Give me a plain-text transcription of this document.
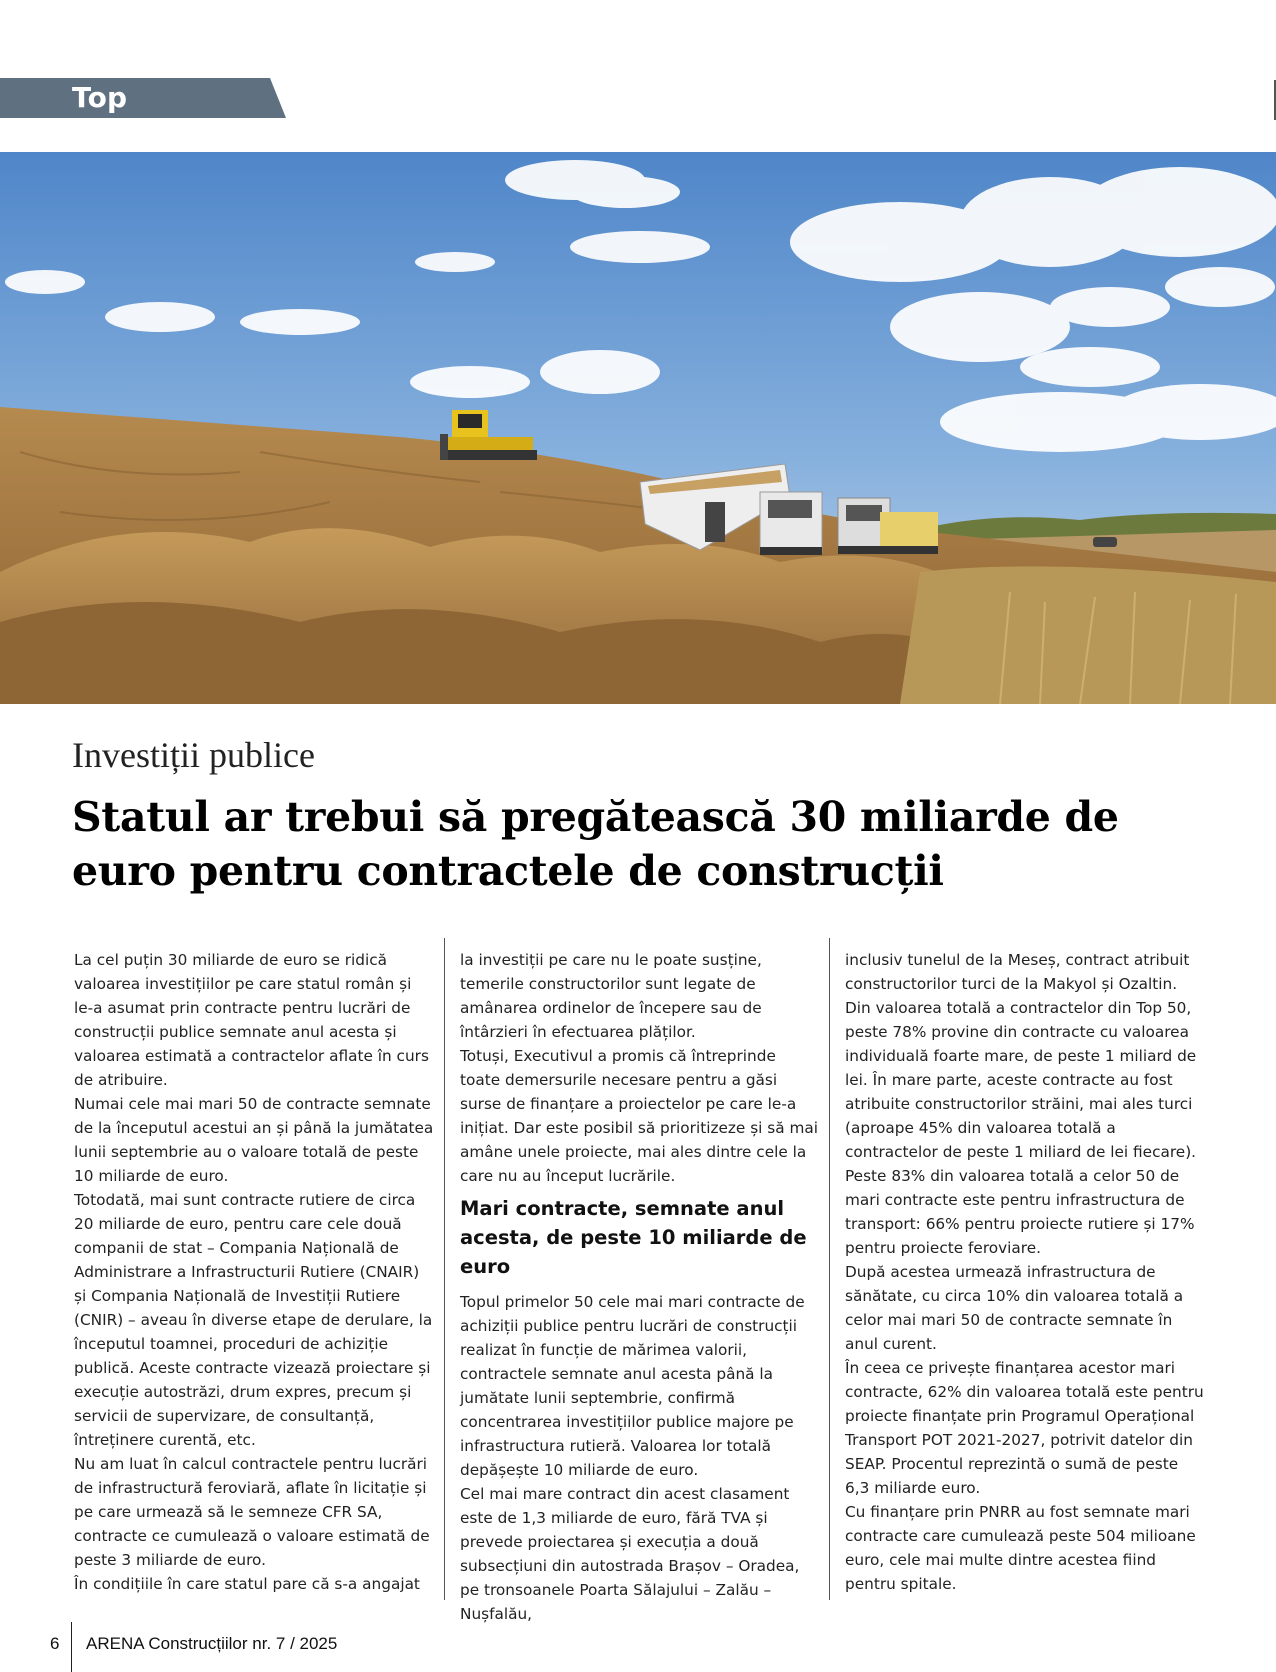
Top Contracte
Investiții publice
Statul ar trebui să pregătească 30 miliarde de euro pentru contractele de construcții

La cel puțin 30 miliarde de euro se ridică valoarea investițiilor pe care statul român și le-a asumat prin contracte pentru lucrări de construcții publice semnate anul acesta și valoarea estimată a contractelor aflate în curs de atribuire.

Numai cele mai mari 50 de contracte semnate de la începutul acestui an și până la jumătatea lunii septembrie au o valoare totală de peste 10 miliarde de euro.

Totodată, mai sunt contracte rutiere de circa 20 miliarde de euro, pentru care cele două companii de stat – Compania Națională de Administrare a Infrastructurii Rutiere (CNAIR) și Compania Națională de Investiții Rutiere (CNIR) – aveau în diverse etape de derulare, la începutul toamnei, proceduri de achiziție publică. Aceste contracte vizează proiectare și execuție autostrăzi, drum expres, precum și servicii de supervizare, de consultanță, întreținere curentă, etc.

Nu am luat în calcul contractele pentru lucrări de infrastructură feroviară, aflate în licitație și pe care urmează să le semneze CFR SA, contracte ce cumulează o valoare estimată de peste 3 miliarde de euro.

În condițiile în care statul pare că s-a angajat

la investiții pe care nu le poate susține, temerile constructorilor sunt legate de amânarea ordinelor de începere sau de întârzieri în efectuarea plăților.

Totuși, Executivul a promis că întreprinde toate demersurile necesare pentru a găsi surse de finanțare a proiectelor pe care le-a inițiat. Dar este posibil să prioritizeze și să mai amâne unele proiecte, mai ales dintre cele la care nu au început lucrările.

Mari contracte, semnate anul acesta, de peste 10 miliarde de euro

Topul primelor 50 cele mai mari contracte de achiziții publice pentru lucrări de construcții realizat în funcție de mărimea valorii, contractele semnate anul acesta până la jumătate lunii septembrie, confirmă concentrarea investițiilor publice majore pe infrastructura rutieră. Valoarea lor totală depășește 10 miliarde de euro.

Cel mai mare contract din acest clasament este de 1,3 miliarde de euro, fără TVA și prevede proiectarea și execuția a două subsecțiuni din autostrada Brașov – Oradea, pe tronsoanele Poarta Sălajului – Zalău – Nușfalău,

inclusiv tunelul de la Meseș, contract atribuit constructorilor turci de la Makyol și Ozaltin.

Din valoarea totală a contractelor din Top 50, peste 78% provine din contracte cu valoarea individuală foarte mare, de peste 1 miliard de lei. În mare parte, aceste contracte au fost atribuite constructorilor străini, mai ales turci (aproape 45% din valoarea totală a contractelor de peste 1 miliard de lei fiecare).

Peste 83% din valoarea totală a celor 50 de mari contracte este pentru infrastructura de transport: 66% pentru proiecte rutiere și 17% pentru proiecte feroviare.

După acestea urmează infrastructura de sănătate, cu circa 10% din valoarea totală a celor mai mari 50 de contracte semnate în anul curent.

În ceea ce privește finanțarea acestor mari contracte, 62% din valoarea totală este pentru proiecte finanțate prin Programul Operațional Transport POT 2021-2027, potrivit datelor din SEAP. Procentul reprezintă o sumă de peste 6,3 miliarde euro.

Cu finanțare prin PNRR au fost semnate mari contracte care cumulează peste 504 milioane euro, cele mai multe dintre acestea fiind pentru spitale.

6 ARENA Construcțiilor nr. 7 / 2025
